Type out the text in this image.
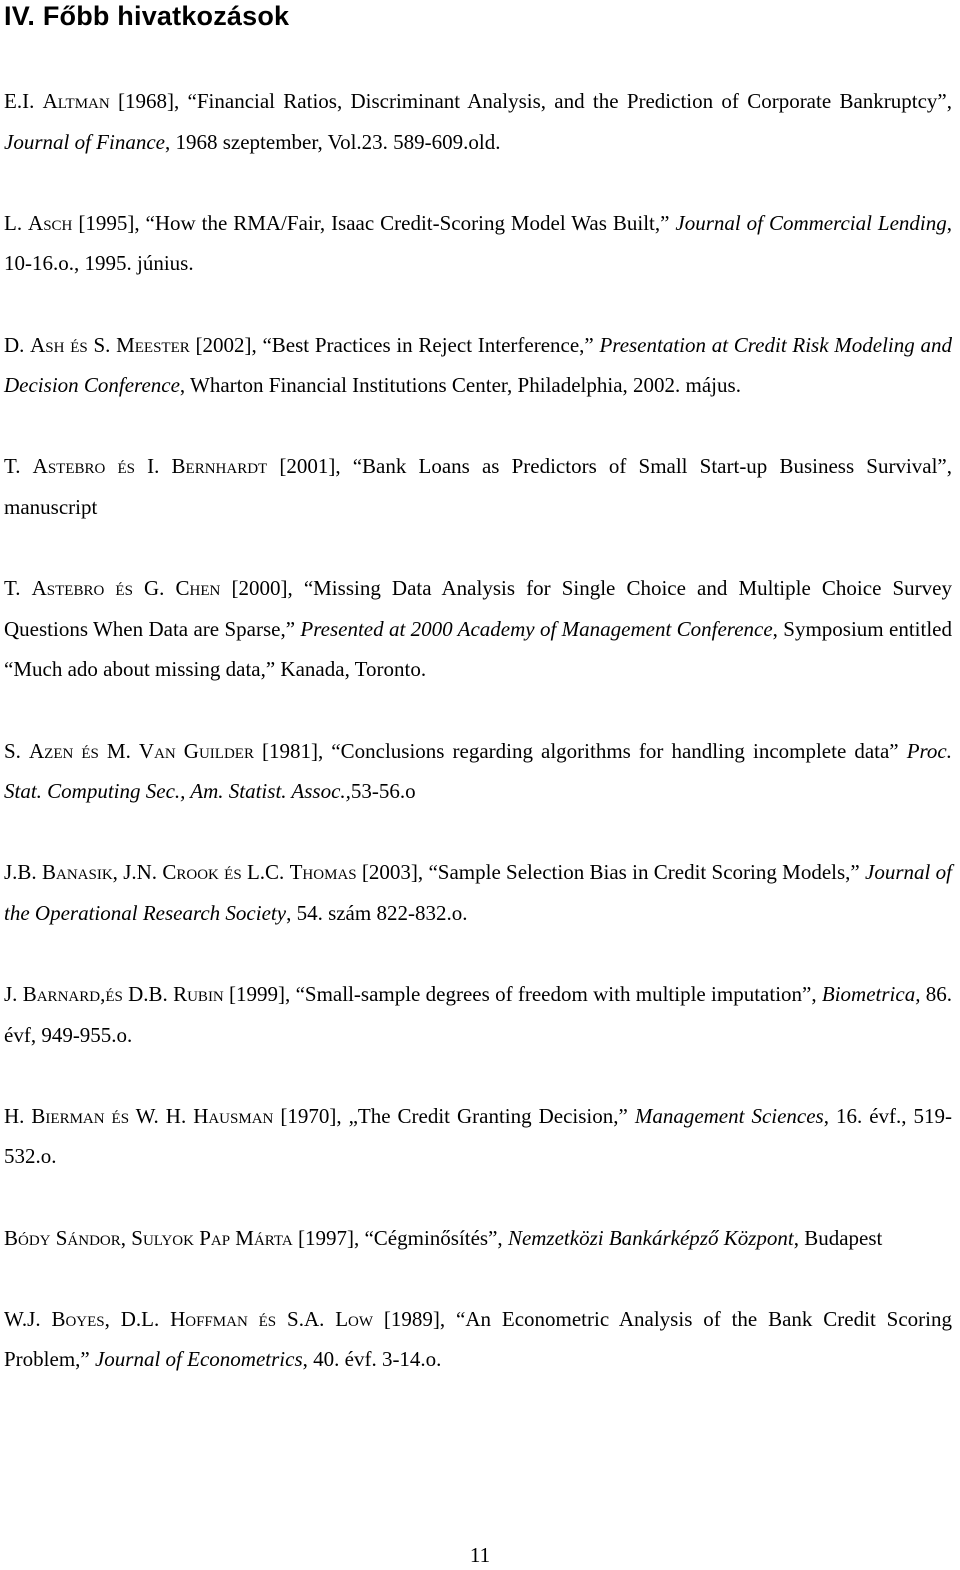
IV. Főbb hivatkozások

E.I. Altman [1968], “Financial Ratios, Discriminant Analysis, and the Prediction of Corporate Bankruptcy”, Journal of Finance, 1968 szeptember, Vol.23. 589-609.old.

L. Asch [1995], “How the RMA/Fair, Isaac Credit-Scoring Model Was Built,” Journal of Commercial Lending, 10-16.o., 1995. június.

D. Ash és S. Meester [2002], “Best Practices in Reject Interference,” Presentation at Credit Risk Modeling and Decision Conference, Wharton Financial Institutions Center, Philadelphia, 2002. május.

T. Astebro és I. Bernhardt [2001], “Bank Loans as Predictors of Small Start-up Business Survival”, manuscript

T. Astebro és G. Chen [2000], “Missing Data Analysis for Single Choice and Multiple Choice Survey Questions When Data are Sparse,” Presented at 2000 Academy of Management Conference, Symposium entitled “Much ado about missing data,” Kanada, Toronto.

S. Azen és M. Van Guilder [1981], “Conclusions regarding algorithms for handling incomplete data” Proc. Stat. Computing Sec., Am. Statist. Assoc.,53-56.o

J.B. Banasik, J.N. Crook és L.C. Thomas [2003], “Sample Selection Bias in Credit Scoring Models,” Journal of the Operational Research Society, 54. szám 822-832.o.

J. Barnard,és D.B. Rubin [1999], “Small-sample degrees of freedom with multiple imputation”, Biometrica, 86. évf, 949-955.o.

H. Bierman és W. H. Hausman [1970], „The Credit Granting Decision,” Management Sciences, 16. évf., 519-532.o.

Bódy Sándor, Sulyok Pap Márta [1997], “Cégminősítés”, Nemzetközi Bankárképző Központ, Budapest

W.J. Boyes, D.L. Hoffman és S.A. Low [1989], “An Econometric Analysis of the Bank Credit Scoring Problem,” Journal of Econometrics, 40. évf. 3-14.o.

11
